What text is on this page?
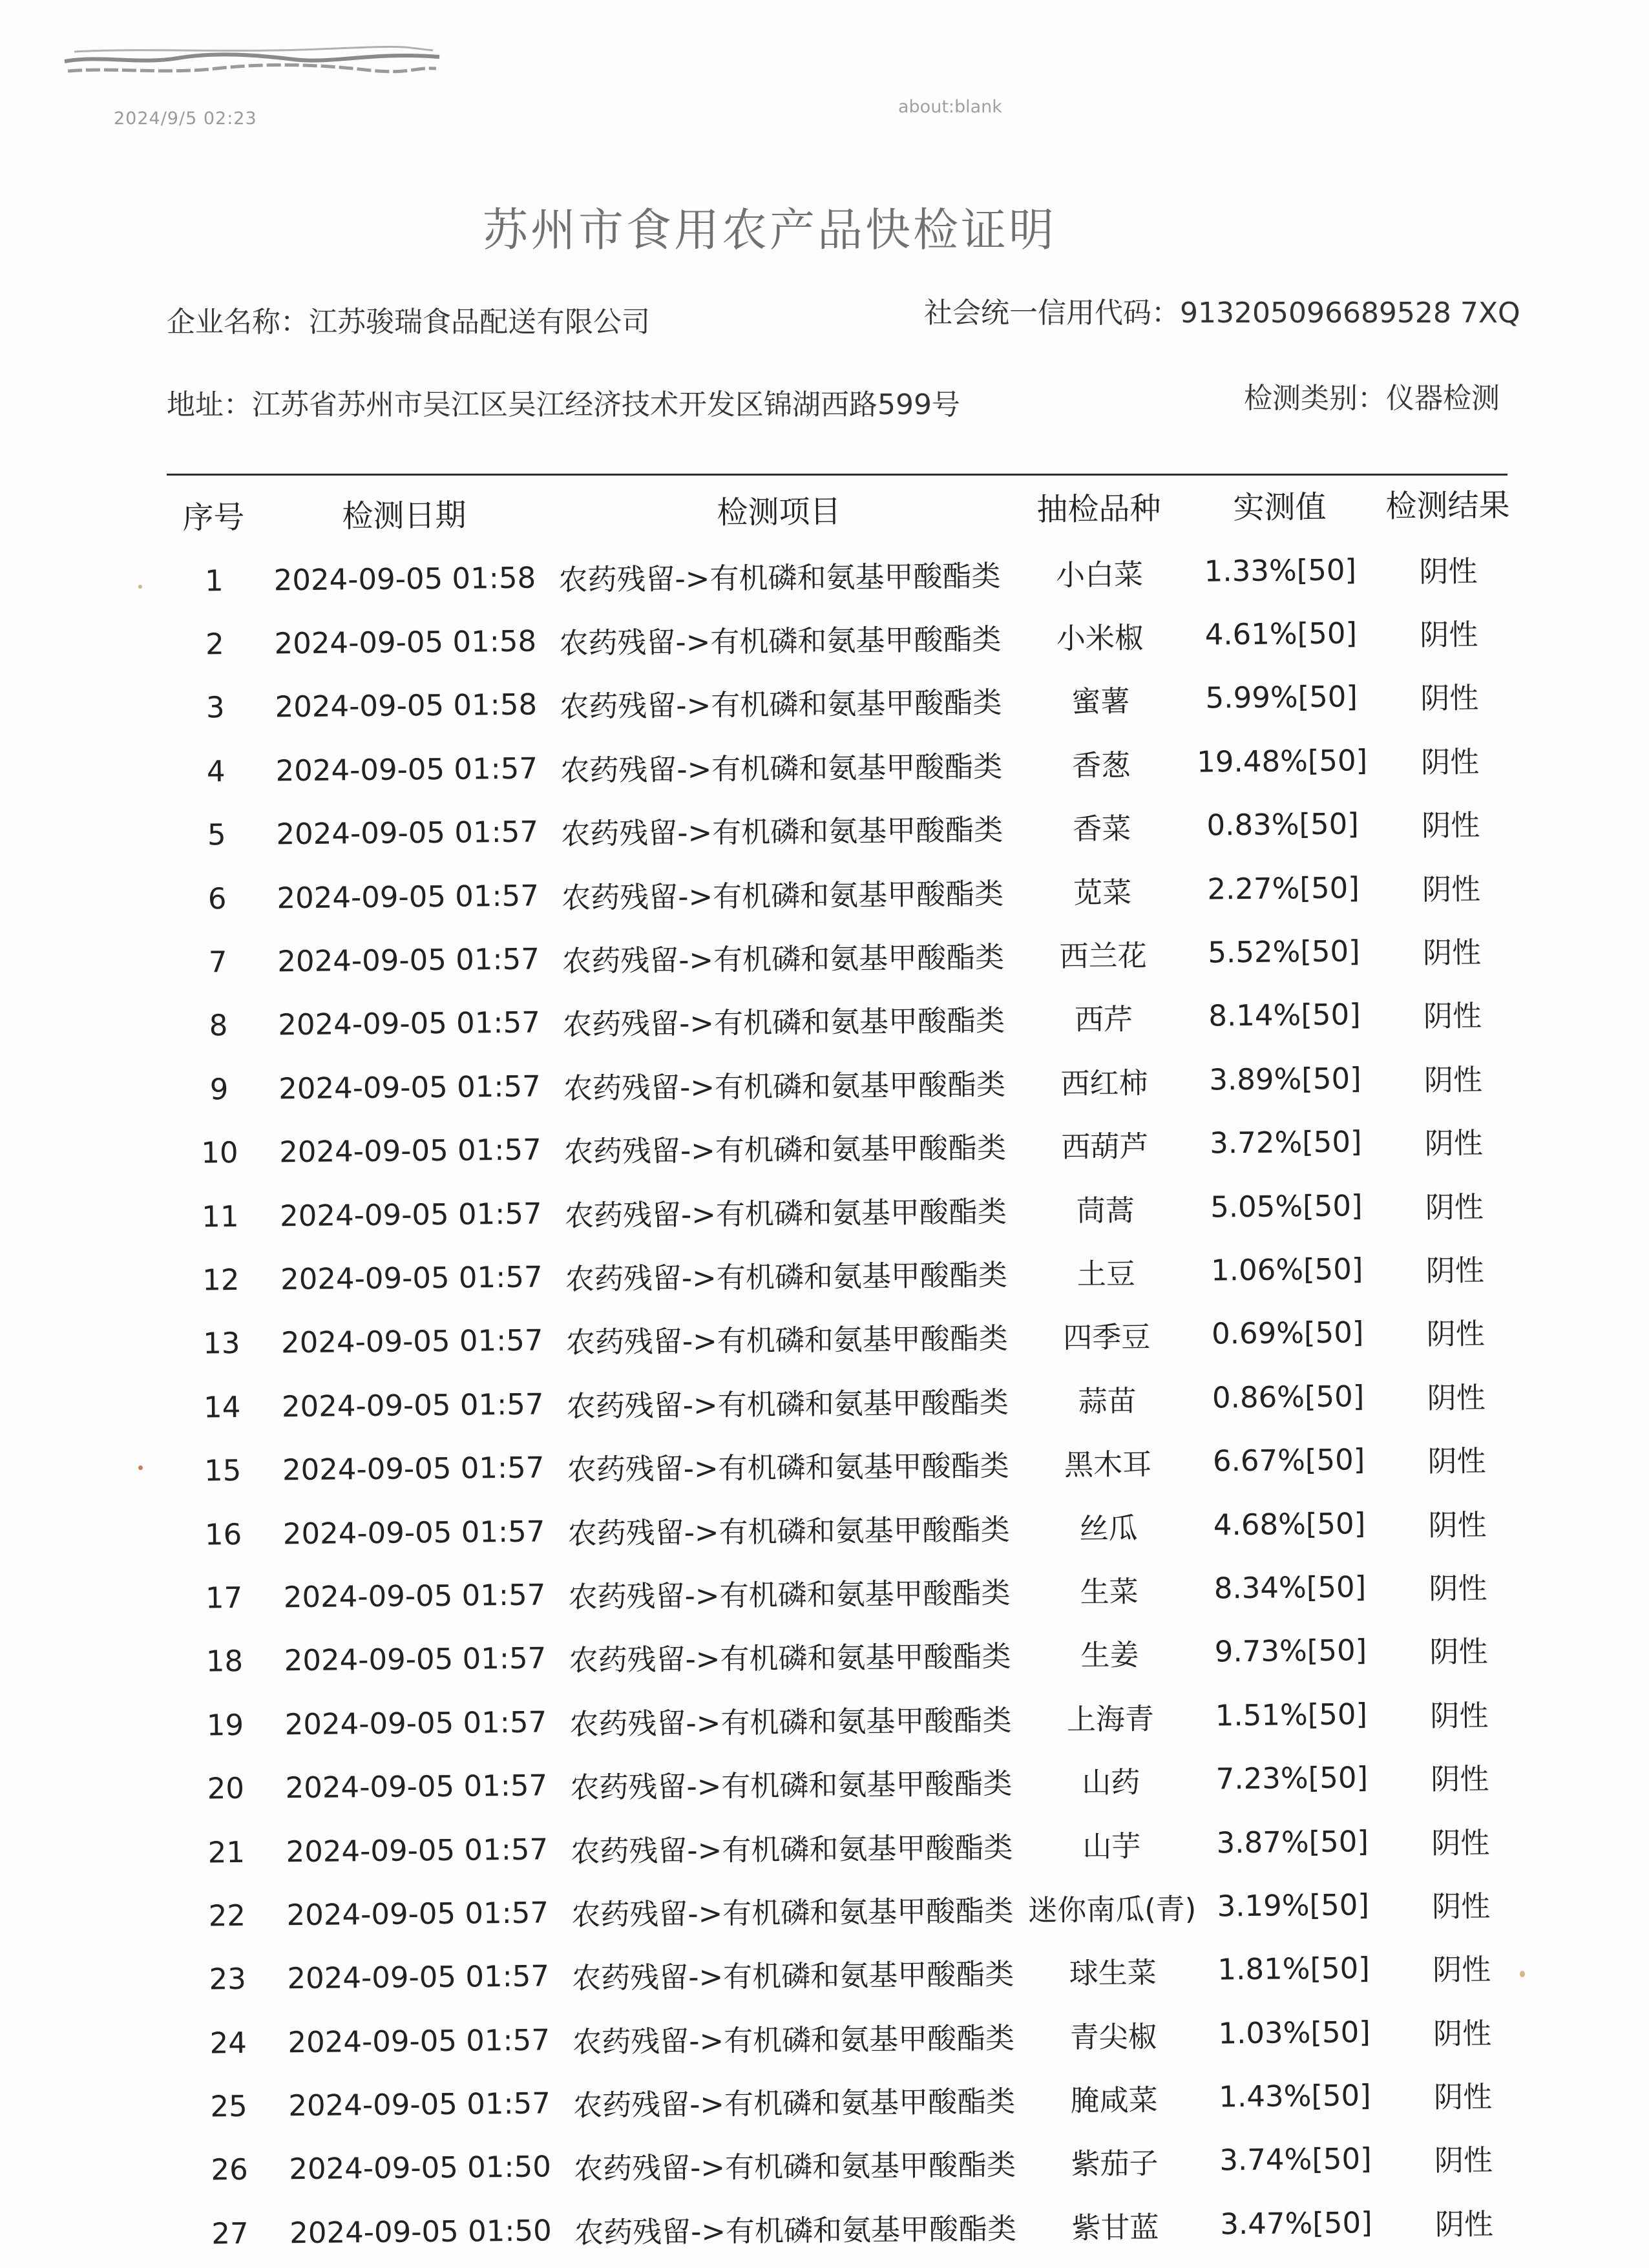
2024/9/5 02:23
about:blank
苏州市食用农产品快检证明
企业名称：江苏骏瑞食品配送有限公司	社会统一信用代码：913205096689528 7XQ
地址：江苏省苏州市吴江区吴江经济技术开发区锦湖西路599号	检测类别：仪器检测
序号	检测日期	检测项目	抽检品种	实测值	检测结果
1	2024-09-05 01:58 农药残留->有机磷和氨基甲酸酯类	小白菜	1.33%[50]	阴性
2	2024-09-05 01:58 农药残留->有机磷和氨基甲酸酯类	小米椒	4.61%[50]	阴性
3	2024-09-05 01:58 农药残留->有机磷和氨基甲酸酯类	蜜薯	5.99%[50]	阴性
4	2024-09-05 01:57 农药残留->有机磷和氨基甲酸酯类	香葱	19.48%[50]	阴性
5	2024-09-05 01:57 农药残留->有机磷和氨基甲酸酯类	香菜	0.83%[50]	阴性
6	2024-09-05 01:57 农药残留->有机磷和氨基甲酸酯类	苋菜	2.27%[50]	阴性
7	2024-09-05 01:57 农药残留->有机磷和氨基甲酸酯类	西兰花	5.52%[50]	阴性
8	2024-09-05 01:57 农药残留->有机磷和氨基甲酸酯类	西芹	8.14%[50]	阴性
9	2024-09-05 01:57 农药残留->有机磷和氨基甲酸酯类	西红柿	3.89%[50]	阴性
10	2024-09-05 01:57 农药残留->有机磷和氨基甲酸酯类	西葫芦	3.72%[50]	阴性
11	2024-09-05 01:57 农药残留->有机磷和氨基甲酸酯类	茼蒿	5.05%[50]	阴性
12	2024-09-05 01:57 农药残留->有机磷和氨基甲酸酯类	土豆	1.06%[50]	阴性
13	2024-09-05 01:57 农药残留->有机磷和氨基甲酸酯类	四季豆	0.69%[50]	阴性
14	2024-09-05 01:57 农药残留->有机磷和氨基甲酸酯类	蒜苗	0.86%[50]	阴性
15	2024-09-05 01:57 农药残留->有机磷和氨基甲酸酯类	黑木耳	6.67%[50]	阴性
16	2024-09-05 01:57 农药残留->有机磷和氨基甲酸酯类	丝瓜	4.68%[50]	阴性
17	2024-09-05 01:57 农药残留->有机磷和氨基甲酸酯类	生菜	8.34%[50]	阴性
18	2024-09-05 01:57 农药残留->有机磷和氨基甲酸酯类	生姜	9.73%[50]	阴性
19	2024-09-05 01:57 农药残留->有机磷和氨基甲酸酯类	上海青	1.51%[50]	阴性
20	2024-09-05 01:57 农药残留->有机磷和氨基甲酸酯类	山药	7.23%[50]	阴性
21	2024-09-05 01:57 农药残留->有机磷和氨基甲酸酯类	山芋	3.87%[50]	阴性
22	2024-09-05 01:57 农药残留->有机磷和氨基甲酸酯类 迷你南瓜(青) 3.19%[50]	阴性
23	2024-09-05 01:57 农药残留->有机磷和氨基甲酸酯类	球生菜	1.81%[50]	阴性
24	2024-09-05 01:57 农药残留->有机磷和氨基甲酸酯类	青尖椒	1.03%[50]	阴性
25	2024-09-05 01:57 农药残留->有机磷和氨基甲酸酯类	腌咸菜	1.43%[50]	阴性
26	2024-09-05 01:50 农药残留->有机磷和氨基甲酸酯类	紫茄子	3.74%[50]	阴性
27	2024-09-05 01:50 农药残留->有机磷和氨基甲酸酯类	紫甘蓝	3.47%[50]	阴性
